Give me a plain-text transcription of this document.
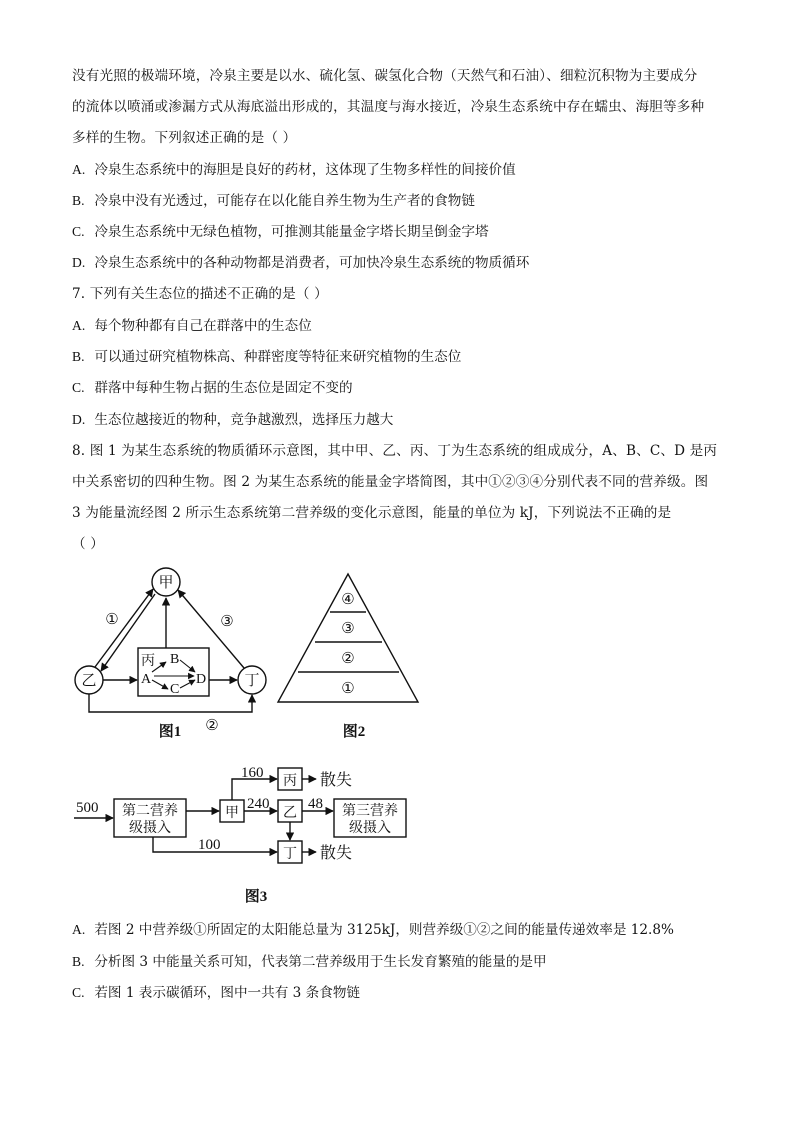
没有光照的极端环境，冷泉主要是以水、硫化氢、碳氢化合物（天然气和石油）、细粒沉积物为主要成分
的流体以喷涌或渗漏方式从海底溢出形成的，其温度与海水接近，冷泉生态系统中存在蠕虫、海胆等多种
多样的生物。下列叙述正确的是（ ）
A. 冷泉生态系统中的海胆是良好的药材，这体现了生物多样性的间接价值
B. 冷泉中没有光透过，可能存在以化能自养生物为生产者的食物链
C. 冷泉生态系统中无绿色植物，可推测其能量金字塔长期呈倒金字塔
D. 冷泉生态系统中的各种动物都是消费者，可加快冷泉生态系统的物质循环
7. 下列有关生态位的描述不正确的是（ ）
A. 每个物种都有自己在群落中的生态位
B. 可以通过研究植物株高、种群密度等特征来研究植物的生态位
C. 群落中每种生物占据的生态位是固定不变的
D. 生态位越接近的物种，竞争越激烈，选择压力越大
8. 图 1 为某生态系统的物质循环示意图，其中甲、乙、丙、丁为生态系统的组成成分，A、B、C、D 是丙
中关系密切的四种生物。图 2 为某生态系统的能量金字塔简图，其中①②③④分别代表不同的营养级。图
3 为能量流经图 2 所示生态系统第二营养级的变化示意图，能量的单位为 kJ，下列说法不正确的是
（ ）
甲
乙	丁
①	③
②
图1
丙
A
B
C
D
④
③
②
①
图2
500
160
240	48
100
第二营养
级摄入
第三营养
级摄入
甲	乙
丙
丁
散失
散失
图3
A. 若图 2 中营养级①所固定的太阳能总量为 3125kJ，则营养级①②之间的能量传递效率是 12.8%
B. 分析图 3 中能量关系可知，代表第二营养级用于生长发育繁殖的能量的是甲
C. 若图 1 表示碳循环，图中一共有 3 条食物链
